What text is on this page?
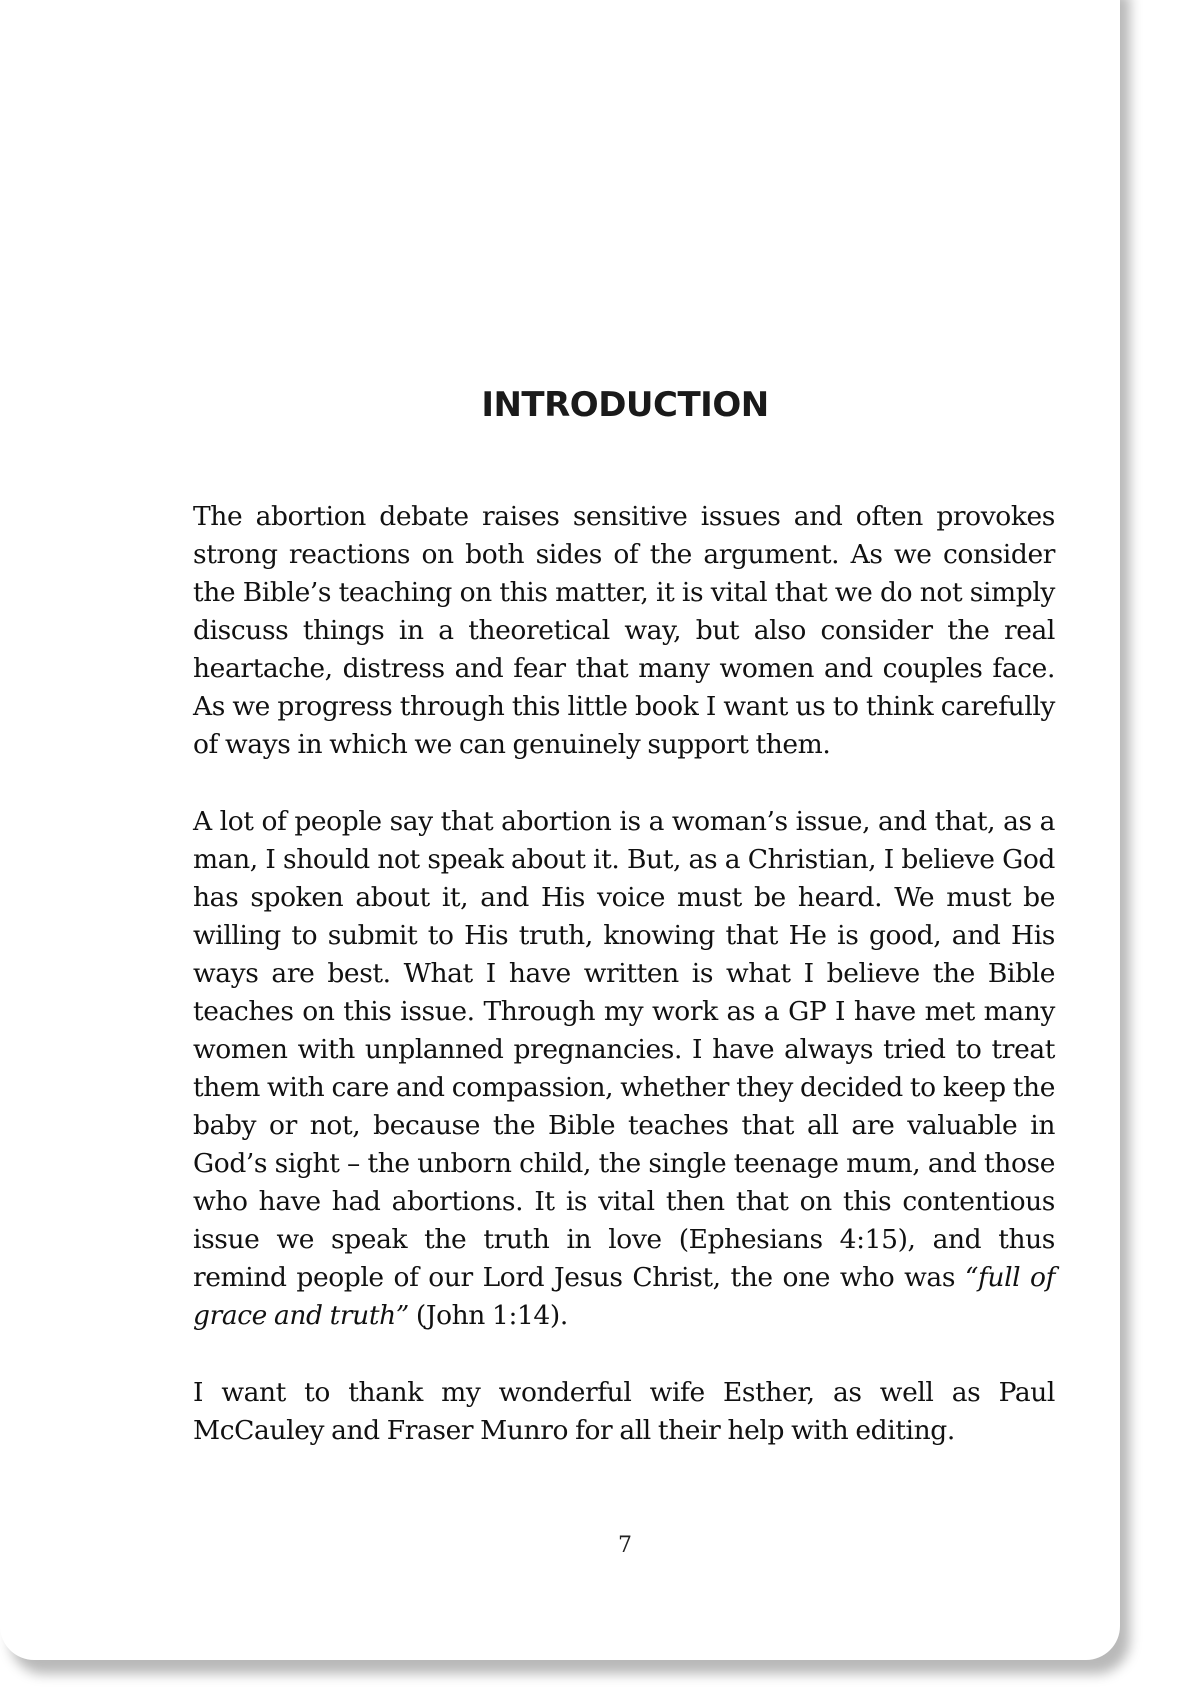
INTRODUCTION

The abortion debate raises sensitive issues and often provokes strong reactions on both sides of the argument. As we consider the Bible’s teaching on this matter, it is vital that we do not simply discuss things in a theoretical way, but also consider the real heartache, distress and fear that many women and couples face. As we progress through this little book I want us to think carefully of ways in which we can genuinely support them.

A lot of people say that abortion is a woman’s issue, and that, as a man, I should not speak about it. But, as a Christian, I believe God has spoken about it, and His voice must be heard. We must be willing to submit to His truth, knowing that He is good, and His ways are best. What I have written is what I believe the Bible teaches on this issue. Through my work as a GP I have met many women with unplanned pregnancies. I have always tried to treat them with care and compassion, whether they decided to keep the baby or not, because the Bible teaches that all are valuable in God’s sight – the unborn child, the single teenage mum, and those who have had abortions. It is vital then that on this contentious issue we speak the truth in love (Ephesians 4:15), and thus remind people of our Lord Jesus Christ, the one who was “full of grace and truth” (John 1:14).

I want to thank my wonderful wife Esther, as well as Paul McCauley and Fraser Munro for all their help with editing.

7
